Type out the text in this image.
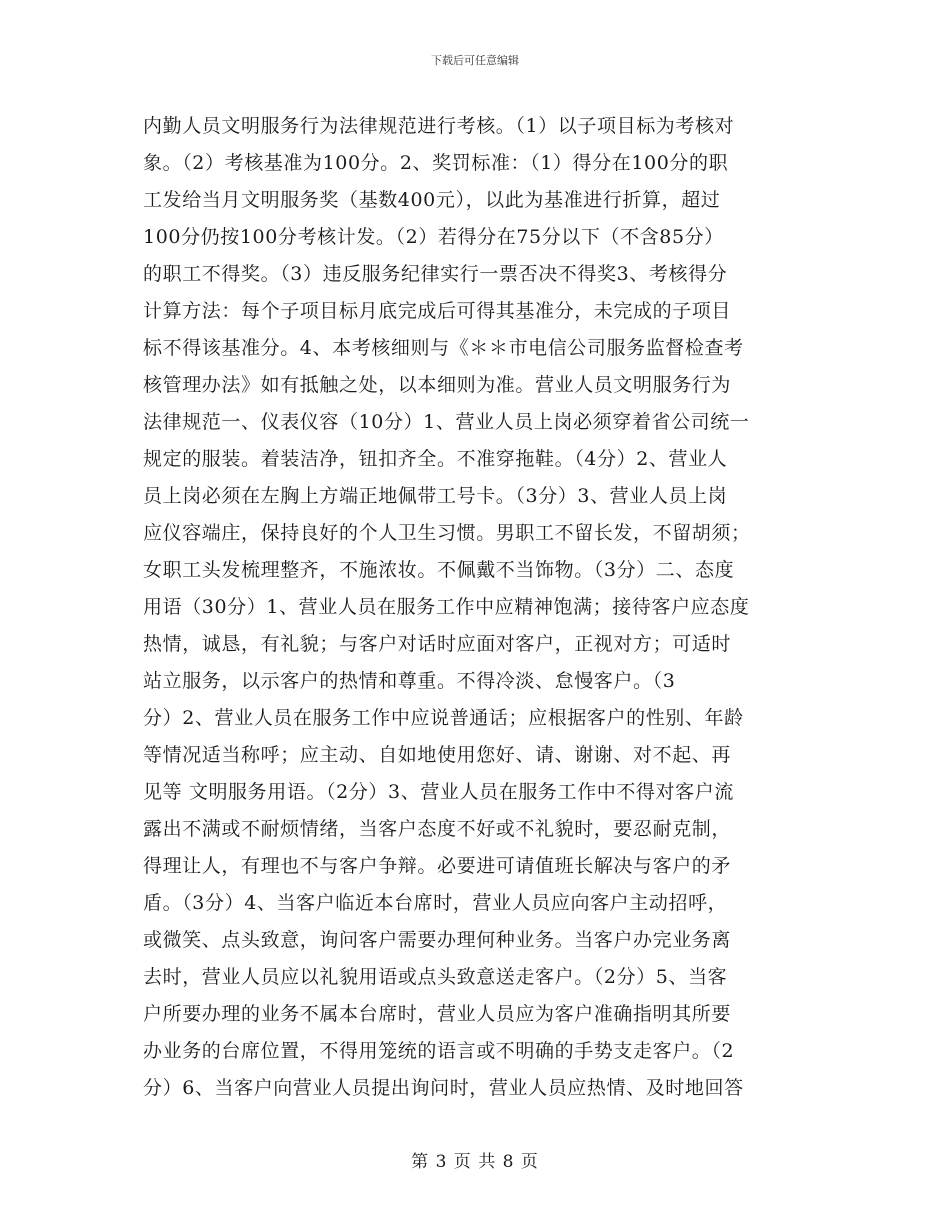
下载后可任意编辑
内勤人员文明服务行为法律规范进行考核。（1）以子项目标为考核对
象。（2）考核基准为100分。2、奖罚标准：（1）得分在100分的职
工发给当月文明服务奖（基数400元），以此为基准进行折算，超过
100分仍按100分考核计发。（2）若得分在75分以下（不含85分）
的职工不得奖。（3）违反服务纪律实行一票否决不得奖3、考核得分
计算方法：每个子项目标月底完成后可得其基准分，未完成的子项目
标不得该基准分。4、本考核细则与《＊＊市电信公司服务监督检查考
核管理办法》如有抵触之处，以本细则为准。营业人员文明服务行为
法律规范一、仪表仪容（10分）1、营业人员上岗必须穿着省公司统一
规定的服装。着装洁净，钮扣齐全。不准穿拖鞋。（4分）2、营业人
员上岗必须在左胸上方端正地佩带工号卡。（3分）3、营业人员上岗
应仪容端庄，保持良好的个人卫生习惯。男职工不留长发，不留胡须；
女职工头发梳理整齐，不施浓妆。不佩戴不当饰物。（3分）二、态度
用语（30分）1、营业人员在服务工作中应精神饱满；接待客户应态度
热情，诚恳，有礼貌；与客户对话时应面对客户，正视对方；可适时
站立服务，以示客户的热情和尊重。不得冷淡、怠慢客户。（3
分）2、营业人员在服务工作中应说普通话；应根据客户的性别、年龄
等情况适当称呼；应主动、自如地使用您好、请、谢谢、对不起、再
见等 文明服务用语。（2分）3、营业人员在服务工作中不得对客户流
露出不满或不耐烦情绪，当客户态度不好或不礼貌时，要忍耐克制，
得理让人，有理也不与客户争辩。必要进可请值班长解决与客户的矛
盾。（3分）4、当客户临近本台席时，营业人员应向客户主动招呼，
或微笑、点头致意，询问客户需要办理何种业务。当客户办完业务离
去时，营业人员应以礼貌用语或点头致意送走客户。（2分）5、当客
户所要办理的业务不属本台席时，营业人员应为客户准确指明其所要
办业务的台席位置，不得用笼统的语言或不明确的手势支走客户。（2
分）6、当客户向营业人员提出询问时，营业人员应热情、及时地回答
第 3 页 共 8 页
